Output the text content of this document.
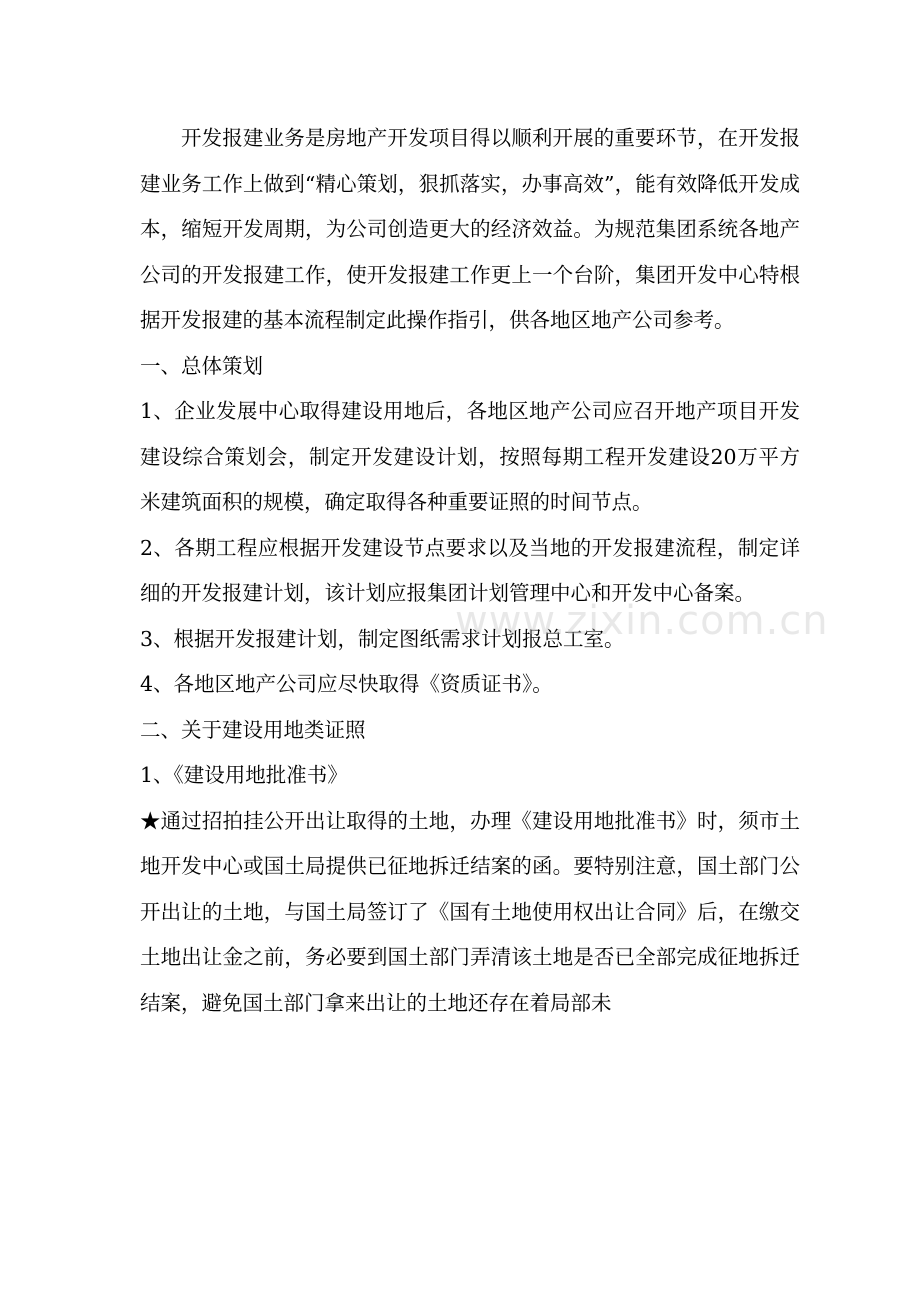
开发报建业务是房地产开发项目得以顺利开展的重要环节，在开发报建业务工作上做到“精心策划，狠抓落实，办事高效”，能有效降低开发成本，缩短开发周期，为公司创造更大的经济效益。为规范集团系统各地产公司的开发报建工作，使开发报建工作更上一个台阶，集团开发中心特根据开发报建的基本流程制定此操作指引，供各地区地产公司参考。

一、总体策划

1、企业发展中心取得建设用地后，各地区地产公司应召开地产项目开发建设综合策划会，制定开发建设计划，按照每期工程开发建设20万平方米建筑面积的规模，确定取得各种重要证照的时间节点。

2、各期工程应根据开发建设节点要求以及当地的开发报建流程，制定详细的开发报建计划，该计划应报集团计划管理中心和开发中心备案。

3、根据开发报建计划，制定图纸需求计划报总工室。

4、各地区地产公司应尽快取得《资质证书》。

二、关于建设用地类证照

1、《建设用地批准书》

★通过招拍挂公开出让取得的土地，办理《建设用地批准书》时，须市土地开发中心或国土局提供已征地拆迁结案的函。要特别注意，国土部门公开出让的土地，与国土局签订了《国有土地使用权出让合同》后，在缴交土地出让金之前，务必要到国土部门弄清该土地是否已全部完成征地拆迁结案，避免国土部门拿来出让的土地还存在着局部未

www.zixin.com.cn
